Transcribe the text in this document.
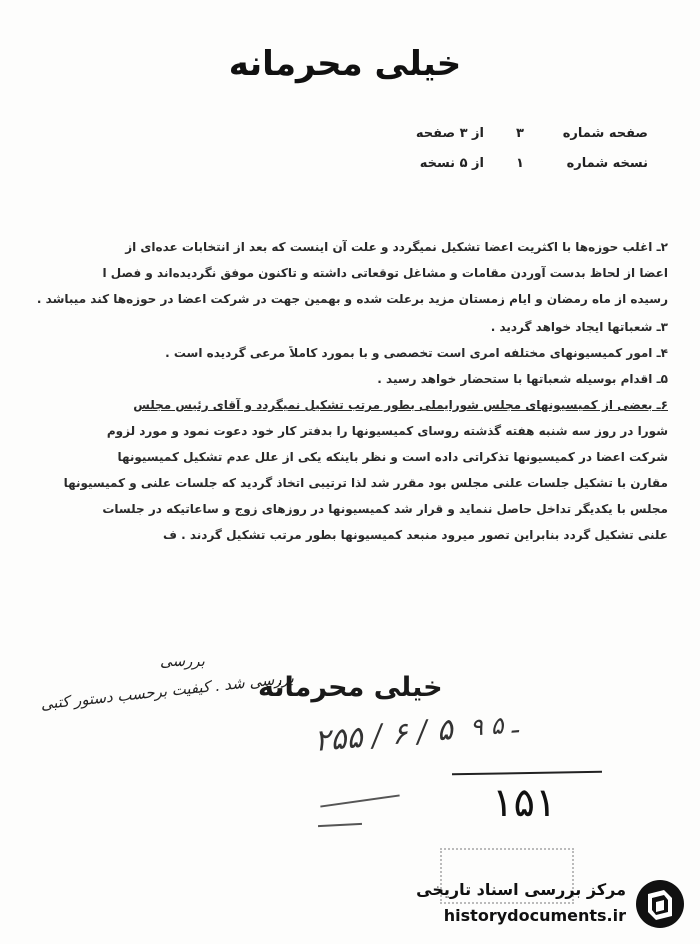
خیلی محرمانه
صفحه شماره
۳
از ۳ صفحه
نسخه شماره
۱
از ۵ نسخه
۲ـ اغلب حوزه‌ها با اکثریت اعضا تشکیل نمیگردد و علت آن اینست که بعد از انتخابات عده‌ای از
اعضا از لحاظ بدست آوردن مقامات و مشاغل توقعاتی داشته و تاکنون موفق نگردیده‌اند و فصل ا
رسیده از ماه رمضان و ایام زمستان مزید برعلت شده و بهمین جهت در شرکت اعضا در حوزه‌ها کند میباشد .
۳ـ شعباتها ایجاد خواهد گردید .
۴ـ امور کمیسیونهای مختلفه امری است تخصصی و با بمورد کاملاً مرعی گردیده است .
۵ـ اقدام بوسیله شعباتها با ستحضار خواهد رسید .
۶ـ بعضی از کمیسیونهای مجلس شورایملی بطور مرتب تشکیل نمیگردد و آقای رئیس مجلس
شورا در روز سه شنبه هفته گذشته روسای کمیسیونها را بدفتر کار خود دعوت نمود و مورد لزوم
شرکت اعضا در کمیسیونها تذکراتی داده است و نظر باینکه یکی از علل عدم تشکیل کمیسیونها
مقارن با تشکیل جلسات علنی مجلس بود مقرر شد لذا ترتیبی اتخاذ گردید که جلسات علنی و کمیسیونها
مجلس با یکدیگر تداخل حاصل ننماید و قرار شد کمیسیونها در روزهای زوج و ساعاتیکه در جلسات
علنی تشکیل گردد بنابراین تصور میرود منبعد کمیسیونها بطور مرتب تشکیل گردند . ف
بررسی
بررسی شد . کیفیت برحسب دستور کتبی
خیلی محرمانه
۹ ـ ۵
۲۵۵ / ۶ / ۵
۱۵۱
مرکز بررسی اسناد تاریخی
historydocuments.ir
